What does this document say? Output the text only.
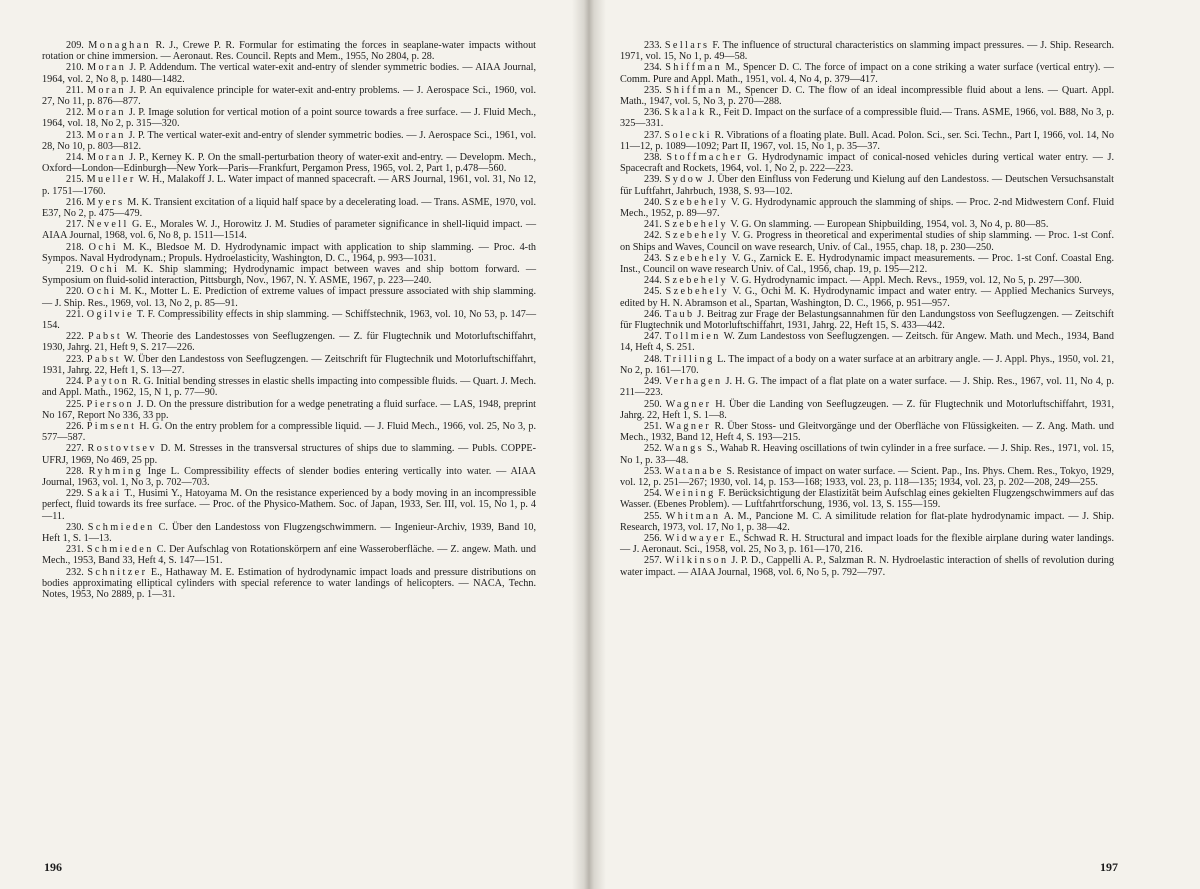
209. Monaghan R. J., Crewe P. R. Formular for estimating the forces in seaplane-water impacts without rotation or chine immersion. — Aeronaut. Res. Council. Repts and Mem., 1955, No 2804, p. 28.
210. Moran J. P. Addendum. The vertical water-exit and-entry of slender symmetric bodies. — AIAA Journal, 1964, vol. 2, No 8, p. 1480—1482.
211. Moran J. P. An equivalence principle for water-exit and-entry problems. — J. Aerospace Sci., 1960, vol. 27, No 11, p. 876—877.
212. Moran J. P. Image solution for vertical motion of a point source towards a free surface. — J. Fluid Mech., 1964, vol. 18, No 2, p. 315—320.
213. Moran J. P. The vertical water-exit and-entry of slender symmetric bodies. — J. Aerospace Sci., 1961, vol. 28, No 10, p. 803—812.
214. Moran J. P., Kerney K. P. On the small-perturbation theory of water-exit and-entry. — Developm. Mech., Oxford—London—Edinburgh—New York—Paris—Frankfurt, Pergamon Press, 1965, vol. 2, Part 1, p.478—560.
215. Mueller W. H., Malakoff J. L. Water impact of manned spacecraft. — ARS Journal, 1961, vol. 31, No 12, p. 1751—1760.
216. Myers M. K. Transient excitation of a liquid half space by a decelerating load. — Trans. ASME, 1970, vol. E37, No 2, p. 475—479.
217. Nevell G. E., Morales W. J., Horowitz J. M. Studies of parameter significance in shell-liquid impact. — AIAA Journal, 1968, vol. 6, No 8, p. 1511—1514.
218. Ochi M. K., Bledsoe M. D. Hydrodynamic impact with application to ship slamming. — Proc. 4-th Sympos. Naval Hydrodynam.; Propuls. Hydroelasticity, Washington, D. C., 1964, p. 993—1031.
219. Ochi M. K. Ship slamming; Hydrodynamic impact between waves and ship bottom forward. — Symposium on fluid-solid interaction, Pittsburgh, Nov., 1967, N. Y. ASME, 1967, p. 223—240.
220. Ochi M. K., Motter L. E. Prediction of extreme values of impact pressure associated with ship slamming. — J. Ship. Res., 1969, vol. 13, No 2, p. 85—91.
221. Ogilvie T. F. Compressibility effects in ship slamming. — Schiffstechnik, 1963, vol. 10, No 53, p. 147—154.
222. Pabst W. Theorie des Landestosses von Seeflugzengen. — Z. für Flugtechnik und Motorluftschiffahrt, 1930, Jahrg. 21, Heft 9, S. 217—226.
223. Pabst W. Über den Landestoss von Seeflugzengen. — Zeitschrift für Flugtechnik und Motorluftschiffahrt, 1931, Jahrg. 22, Heft 1, S. 13—27.
224. Payton R. G. Initial bending stresses in elastic shells impacting into compessible fluids. — Quart. J. Mech. and Appl. Math., 1962, 15, N 1, p. 77—90.
225. Pierson J. D. On the pressure distribution for a wedge penetrating a fluid surface. — LAS, 1948, preprint No 167, Report No 336, 33 pp.
226. Pimsent H. G. On the entry problem for a compressible liquid. — J. Fluid Mech., 1966, vol. 25, No 3, p. 577—587.
227. Rostovtsev D. M. Stresses in the transversal structures of ships due to slamming. — Publs. COPPE-UFRJ, 1969, No 469, 25 pp.
228. Ryhming Inge L. Compressibility effects of slender bodies entering vertically into water. — AIAA Journal, 1963, vol. 1, No 3, p. 702—703.
229. Sakai T., Husimi Y., Hatoyama M. On the resistance experienced by a body moving in an incompressible perfect, fluid towards its free surface. — Proc. of the Physico-Mathem. Soc. of Japan, 1933, Ser. III, vol. 15, No 1, p. 4—11.
230. Schmieden C. Über den Landestoss von Flugzengschwimmern. — Ingenieur-Archiv, 1939, Band 10, Heft 1, S. 1—13.
231. Schmieden C. Der Aufschlag von Rotationskörpern anf eine Wasseroberfläche. — Z. angew. Math. und Mech., 1953, Band 33, Heft 4, S. 147—151.
232. Schnitzer E., Hathaway M. E. Estimation of hydrodynamic impact loads and pressure distributions on bodies approximating elliptical cylinders with special reference to water landings of helicopters. — NACA, Techn. Notes, 1953, No 2889, p. 1—31.
233. Sellars F. The influence of structural characteristics on slamming impact pressures. — J. Ship. Research. 1971, vol. 15, No 1, p. 49—58.
234. Shiffman M., Spencer D. C. The force of impact on a cone striking a water surface (vertical entry). — Comm. Pure and Appl. Math., 1951, vol. 4, No 4, p. 379—417.
235. Shiffman M., Spencer D. C. The flow of an ideal incompressible fluid about a lens. — Quart. Appl. Math., 1947, vol. 5, No 3, p. 270—288.
236. Skalak R., Feit D. Impact on the surface of a compressible fluid.— Trans. ASME, 1966, vol. B88, No 3, p. 325—331.
237. Solecki R. Vibrations of a floating plate. Bull. Acad. Polon. Sci., ser. Sci. Techn., Part I, 1966, vol. 14, No 11—12, p. 1089—1092; Part II, 1967, vol. 15, No 1, p. 35—37.
238. Stoffmacher G. Hydrodynamic impact of conical-nosed vehicles during vertical water entry. — J. Spacecraft and Rockets, 1964, vol. 1, No 2, p. 222—223.
239. Sydow J. Über den Einfluss von Federung und Kielung auf den Landestoss. — Deutschen Versuchsanstalt für Luftfahrt, Jahrbuch, 1938, S. 93—102.
240. Szebehely V. G. Hydrodynamic approuch the slamming of ships. — Proc. 2-nd Midwestern Conf. Fluid Mech., 1952, p. 89—97.
241. Szebehely V. G. On slamming. — European Shipbuilding, 1954, vol. 3, No 4, p. 80—85.
242. Szebehely V. G. Progress in theoretical and experimental studies of ship slamming. — Proc. 1-st Conf. on Ships and Waves, Council on wave research, Univ. of Cal., 1955, chap. 18, p. 230—250.
243. Szebehely V. G., Zarnick E. E. Hydrodynamic impact measurements. — Proc. 1-st Conf. Coastal Eng. Inst., Council on wave research Univ. of Cal., 1956, chap. 19, p. 195—212.
244. Szebehely V. G. Hydrodynamic impact. — Appl. Mech. Revs., 1959, vol. 12, No 5, p. 297—300.
245. Szebehely V. G., Ochi M. K. Hydrodynamic impact and water entry. — Applied Mechanics Surveys, edited by H. N. Abramson et al., Spartan, Washington, D. C., 1966, p. 951—957.
246. Taub J. Beitrag zur Frage der Belastungsannahmen für den Landungstoss von Seeflugzengen. — Zeitschift für Flugtechnik und Motorluftschiffahrt, 1931, Jahrg. 22, Heft 15, S. 433—442.
247. Tollmien W. Zum Landestoss von Seeflugzengen. — Zeitsch. für Angew. Math. und Mech., 1934, Band 14, Heft 4, S. 251.
248. Trilling L. The impact of a body on a water surface at an arbitrary angle. — J. Appl. Phys., 1950, vol. 21, No 2, p. 161—170.
249. Verhagen J. H. G. The impact of a flat plate on a water surface. — J. Ship. Res., 1967, vol. 11, No 4, p. 211—223.
250. Wagner H. Über die Landing von Seeflugzeugen. — Z. für Flugtechnik und Motorluftschiffahrt, 1931, Jahrg. 22, Heft 1, S. 1—8.
251. Wagner R. Über Stoss- und Gleitvorgänge und der Oberfläche von Flüssigkeiten. — Z. Ang. Math. und Mech., 1932, Band 12, Heft 4, S. 193—215.
252. Wangs S., Wahab R. Heaving oscillations of twin cylinder in a free surface. — J. Ship. Res., 1971, vol. 15, No 1, p. 33—48.
253. Watanabe S. Resistance of impact on water surface. — Scient. Pap., Ins. Phys. Chem. Res., Tokyo, 1929, vol. 12, p. 251—267; 1930, vol. 14, p. 153—168; 1933, vol. 23, p. 118—135; 1934, vol. 23, p. 202—208, 249—255.
254. Weining F. Berücksichtigung der Elastizität beim Aufschlag eines gekielten Flugzengschwimmers auf das Wasser. (Ebenes Problem). — Luftfahrtforschung, 1936, vol. 13, S. 155—159.
255. Whitman A. M., Pancione M. C. A similitude relation for flat-plate hydrodynamic impact. — J. Ship. Research, 1973, vol. 17, No 1, p. 38—42.
256. Widwayer E., Schwad R. H. Structural and impact loads for the flexible airplane during water landings. — J. Aeronaut. Sci., 1958, vol. 25, No 3, p. 161—170, 216.
257. Wilkinson J. P. D., Cappelli A. P., Salzman R. N. Hydroelastic interaction of shells of revolution during water impact. — AIAA Journal, 1968, vol. 6, No 5, p. 792—797.
196	197
